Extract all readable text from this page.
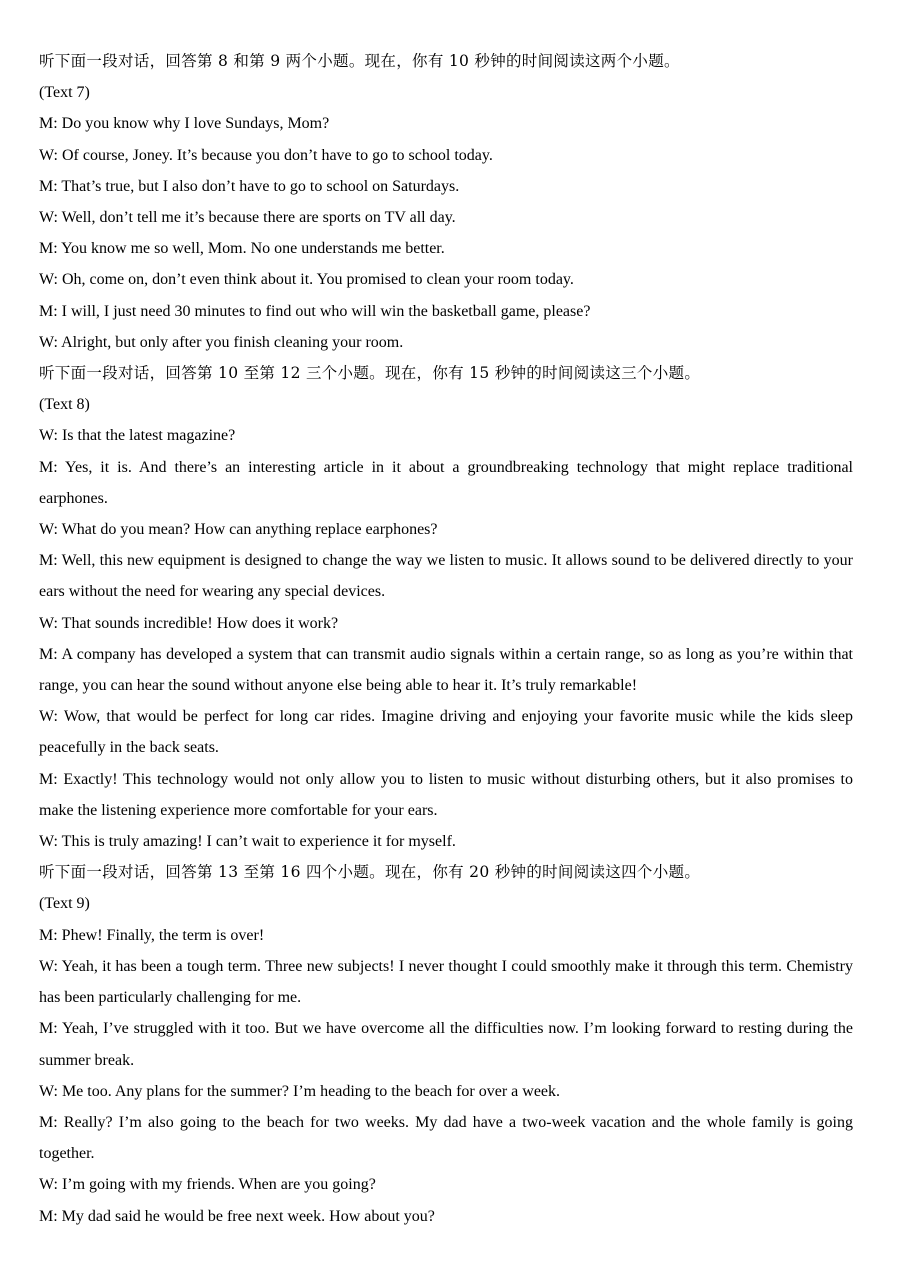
听下面一段对话，回答第 8 和第 9 两个小题。现在，你有 10 秒钟的时间阅读这两个小题。

(Text 7)

M: Do you know why I love Sundays, Mom?

W: Of course, Joney. It’s because you don’t have to go to school today.

M: That’s true, but I also don’t have to go to school on Saturdays.

W: Well, don’t tell me it’s because there are sports on TV all day.

M: You know me so well, Mom. No one understands me better.

W: Oh, come on, don’t even think about it. You promised to clean your room today.

M: I will, I just need 30 minutes to find out who will win the basketball game, please?

W: Alright, but only after you finish cleaning your room.

听下面一段对话，回答第 10 至第 12 三个小题。现在，你有 15 秒钟的时间阅读这三个小题。

(Text 8)

W: Is that the latest magazine?

M: Yes, it is. And there’s an interesting article in it about a groundbreaking technology that might replace traditional earphones.

W: What do you mean? How can anything replace earphones?

M: Well, this new equipment is designed to change the way we listen to music. It allows sound to be delivered directly to your ears without the need for wearing any special devices.

W: That sounds incredible! How does it work?

M: A company has developed a system that can transmit audio signals within a certain range, so as long as you’re within that range, you can hear the sound without anyone else being able to hear it. It’s truly remarkable!

W: Wow, that would be perfect for long car rides. Imagine driving and enjoying your favorite music while the kids sleep peacefully in the back seats.

M: Exactly! This technology would not only allow you to listen to music without disturbing others, but it also promises to make the listening experience more comfortable for your ears.

W: This is truly amazing! I can’t wait to experience it for myself.

听下面一段对话，回答第 13 至第 16 四个小题。现在，你有 20 秒钟的时间阅读这四个小题。

(Text 9)

M: Phew! Finally, the term is over!

W: Yeah, it has been a tough term. Three new subjects! I never thought I could smoothly make it through this term. Chemistry has been particularly challenging for me.

M: Yeah, I’ve struggled with it too. But we have overcome all the difficulties now. I’m looking forward to resting during the summer break.

W: Me too. Any plans for the summer? I’m heading to the beach for over a week.

M: Really? I’m also going to the beach for two weeks. My dad have a two-week vacation and the whole family is going together.

W: I’m going with my friends. When are you going?

M: My dad said he would be free next week. How about you?
